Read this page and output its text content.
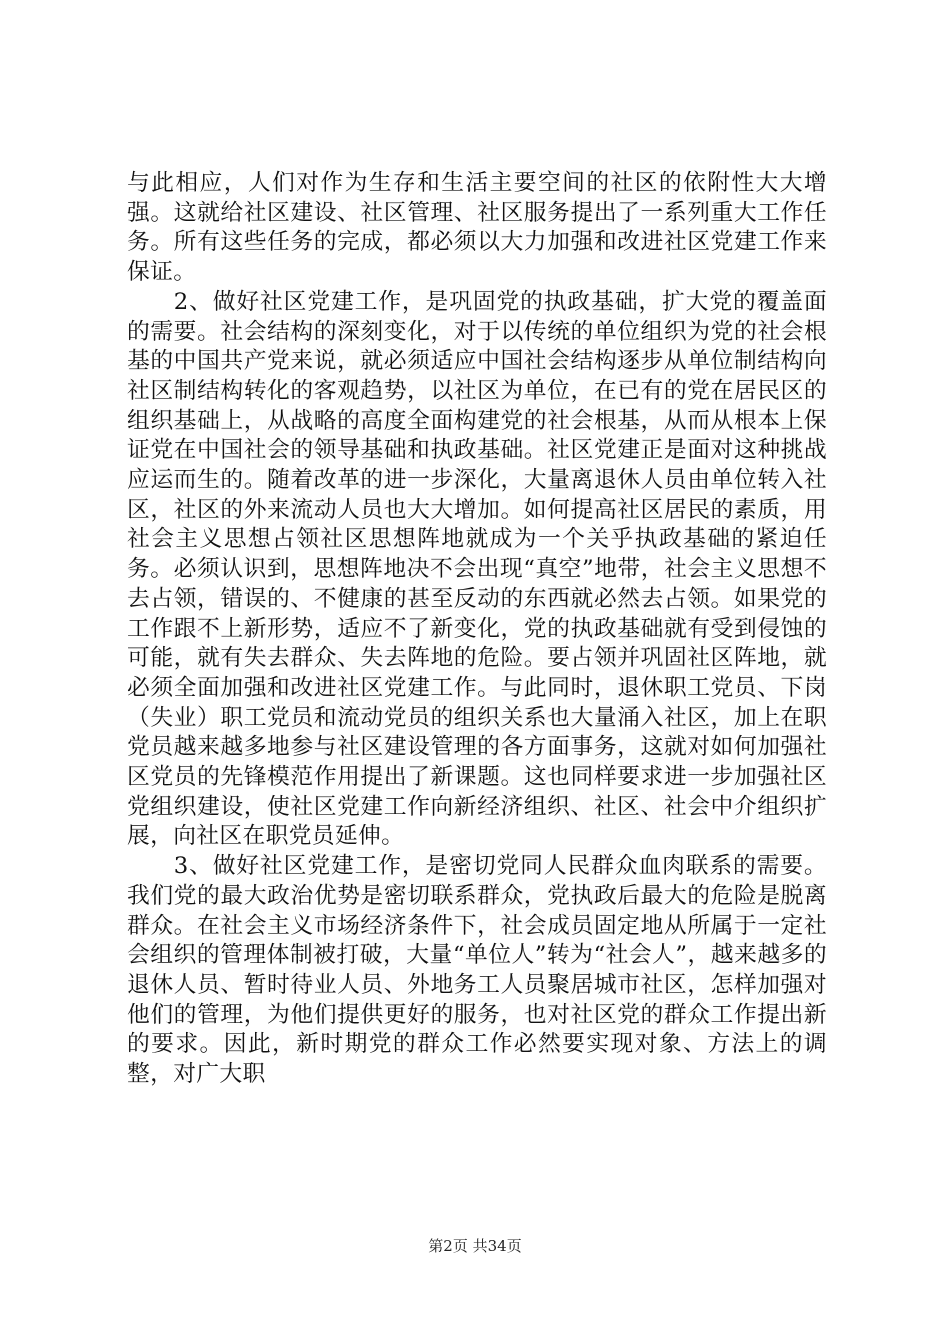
与此相应，人们对作为生存和生活主要空间的社区的依附性大大增强。这就给社区建设、社区管理、社区服务提出了一系列重大工作任务。所有这些任务的完成，都必须以大力加强和改进社区党建工作来保证。

2、做好社区党建工作，是巩固党的执政基础，扩大党的覆盖面的需要。社会结构的深刻变化，对于以传统的单位组织为党的社会根基的中国共产党来说，就必须适应中国社会结构逐步从单位制结构向社区制结构转化的客观趋势，以社区为单位，在已有的党在居民区的组织基础上，从战略的高度全面构建党的社会根基，从而从根本上保证党在中国社会的领导基础和执政基础。社区党建正是面对这种挑战应运而生的。随着改革的进一步深化，大量离退休人员由单位转入社区，社区的外来流动人员也大大增加。如何提高社区居民的素质，用社会主义思想占领社区思想阵地就成为一个关乎执政基础的紧迫任务。必须认识到，思想阵地决不会出现“真空”地带，社会主义思想不去占领，错误的、不健康的甚至反动的东西就必然去占领。如果党的工作跟不上新形势，适应不了新变化，党的执政基础就有受到侵蚀的可能，就有失去群众、失去阵地的危险。要占领并巩固社区阵地，就必须全面加强和改进社区党建工作。与此同时，退休职工党员、下岗（失业）职工党员和流动党员的组织关系也大量涌入社区，加上在职党员越来越多地参与社区建设管理的各方面事务，这就对如何加强社区党员的先锋模范作用提出了新课题。这也同样要求进一步加强社区党组织建设，使社区党建工作向新经济组织、社区、社会中介组织扩展，向社区在职党员延伸。

3、做好社区党建工作，是密切党同人民群众血肉联系的需要。我们党的最大政治优势是密切联系群众，党执政后最大的危险是脱离群众。在社会主义市场经济条件下，社会成员固定地从所属于一定社会组织的管理体制被打破，大量“单位人”转为“社会人”，越来越多的退休人员、暂时待业人员、外地务工人员聚居城市社区，怎样加强对他们的管理，为他们提供更好的服务，也对社区党的群众工作提出新的要求。因此，新时期党的群众工作必然要实现对象、方法上的调整，对广大职

第2页 共34页
